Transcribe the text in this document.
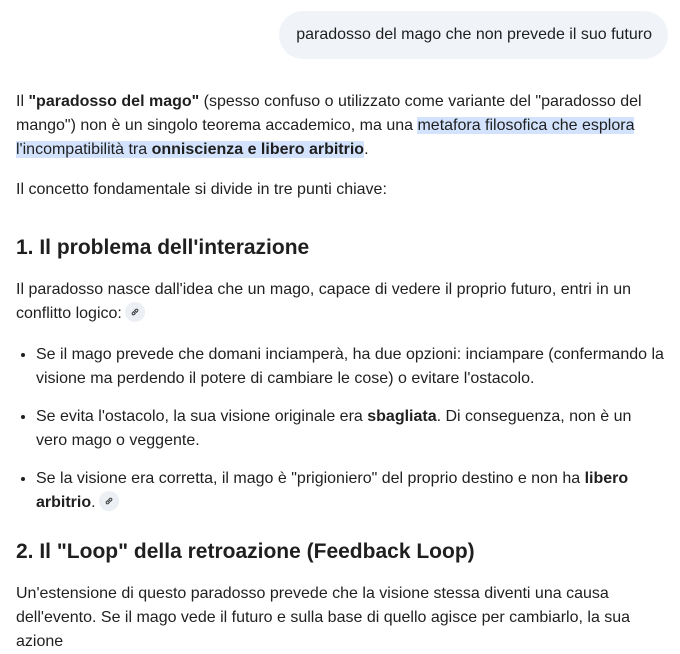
paradosso del mago che non prevede il suo futuro

Il "paradosso del mago" (spesso confuso o utilizzato come variante del "paradosso del mango") non è un singolo teorema accademico, ma una metafora filosofica che esplora l'incompatibilità tra onniscienza e libero arbitrio.

Il concetto fondamentale si divide in tre punti chiave:

1. Il problema dell'interazione

Il paradosso nasce dall'idea che un mago, capace di vedere il proprio futuro, entri in un conflitto logico:

• Se il mago prevede che domani inciamperà, ha due opzioni: inciampare (confermando la visione ma perdendo il potere di cambiare le cose) o evitare l'ostacolo.
• Se evita l'ostacolo, la sua visione originale era sbagliata. Di conseguenza, non è un vero mago o veggente.
• Se la visione era corretta, il mago è "prigioniero" del proprio destino e non ha libero arbitrio.
2. Il "Loop" della retroazione (Feedback Loop)

Un'estensione di questo paradosso prevede che la visione stessa diventi una causa dell'evento. Se il mago vede il futuro e sulla base di quello agisce per cambiarlo, la sua azione
